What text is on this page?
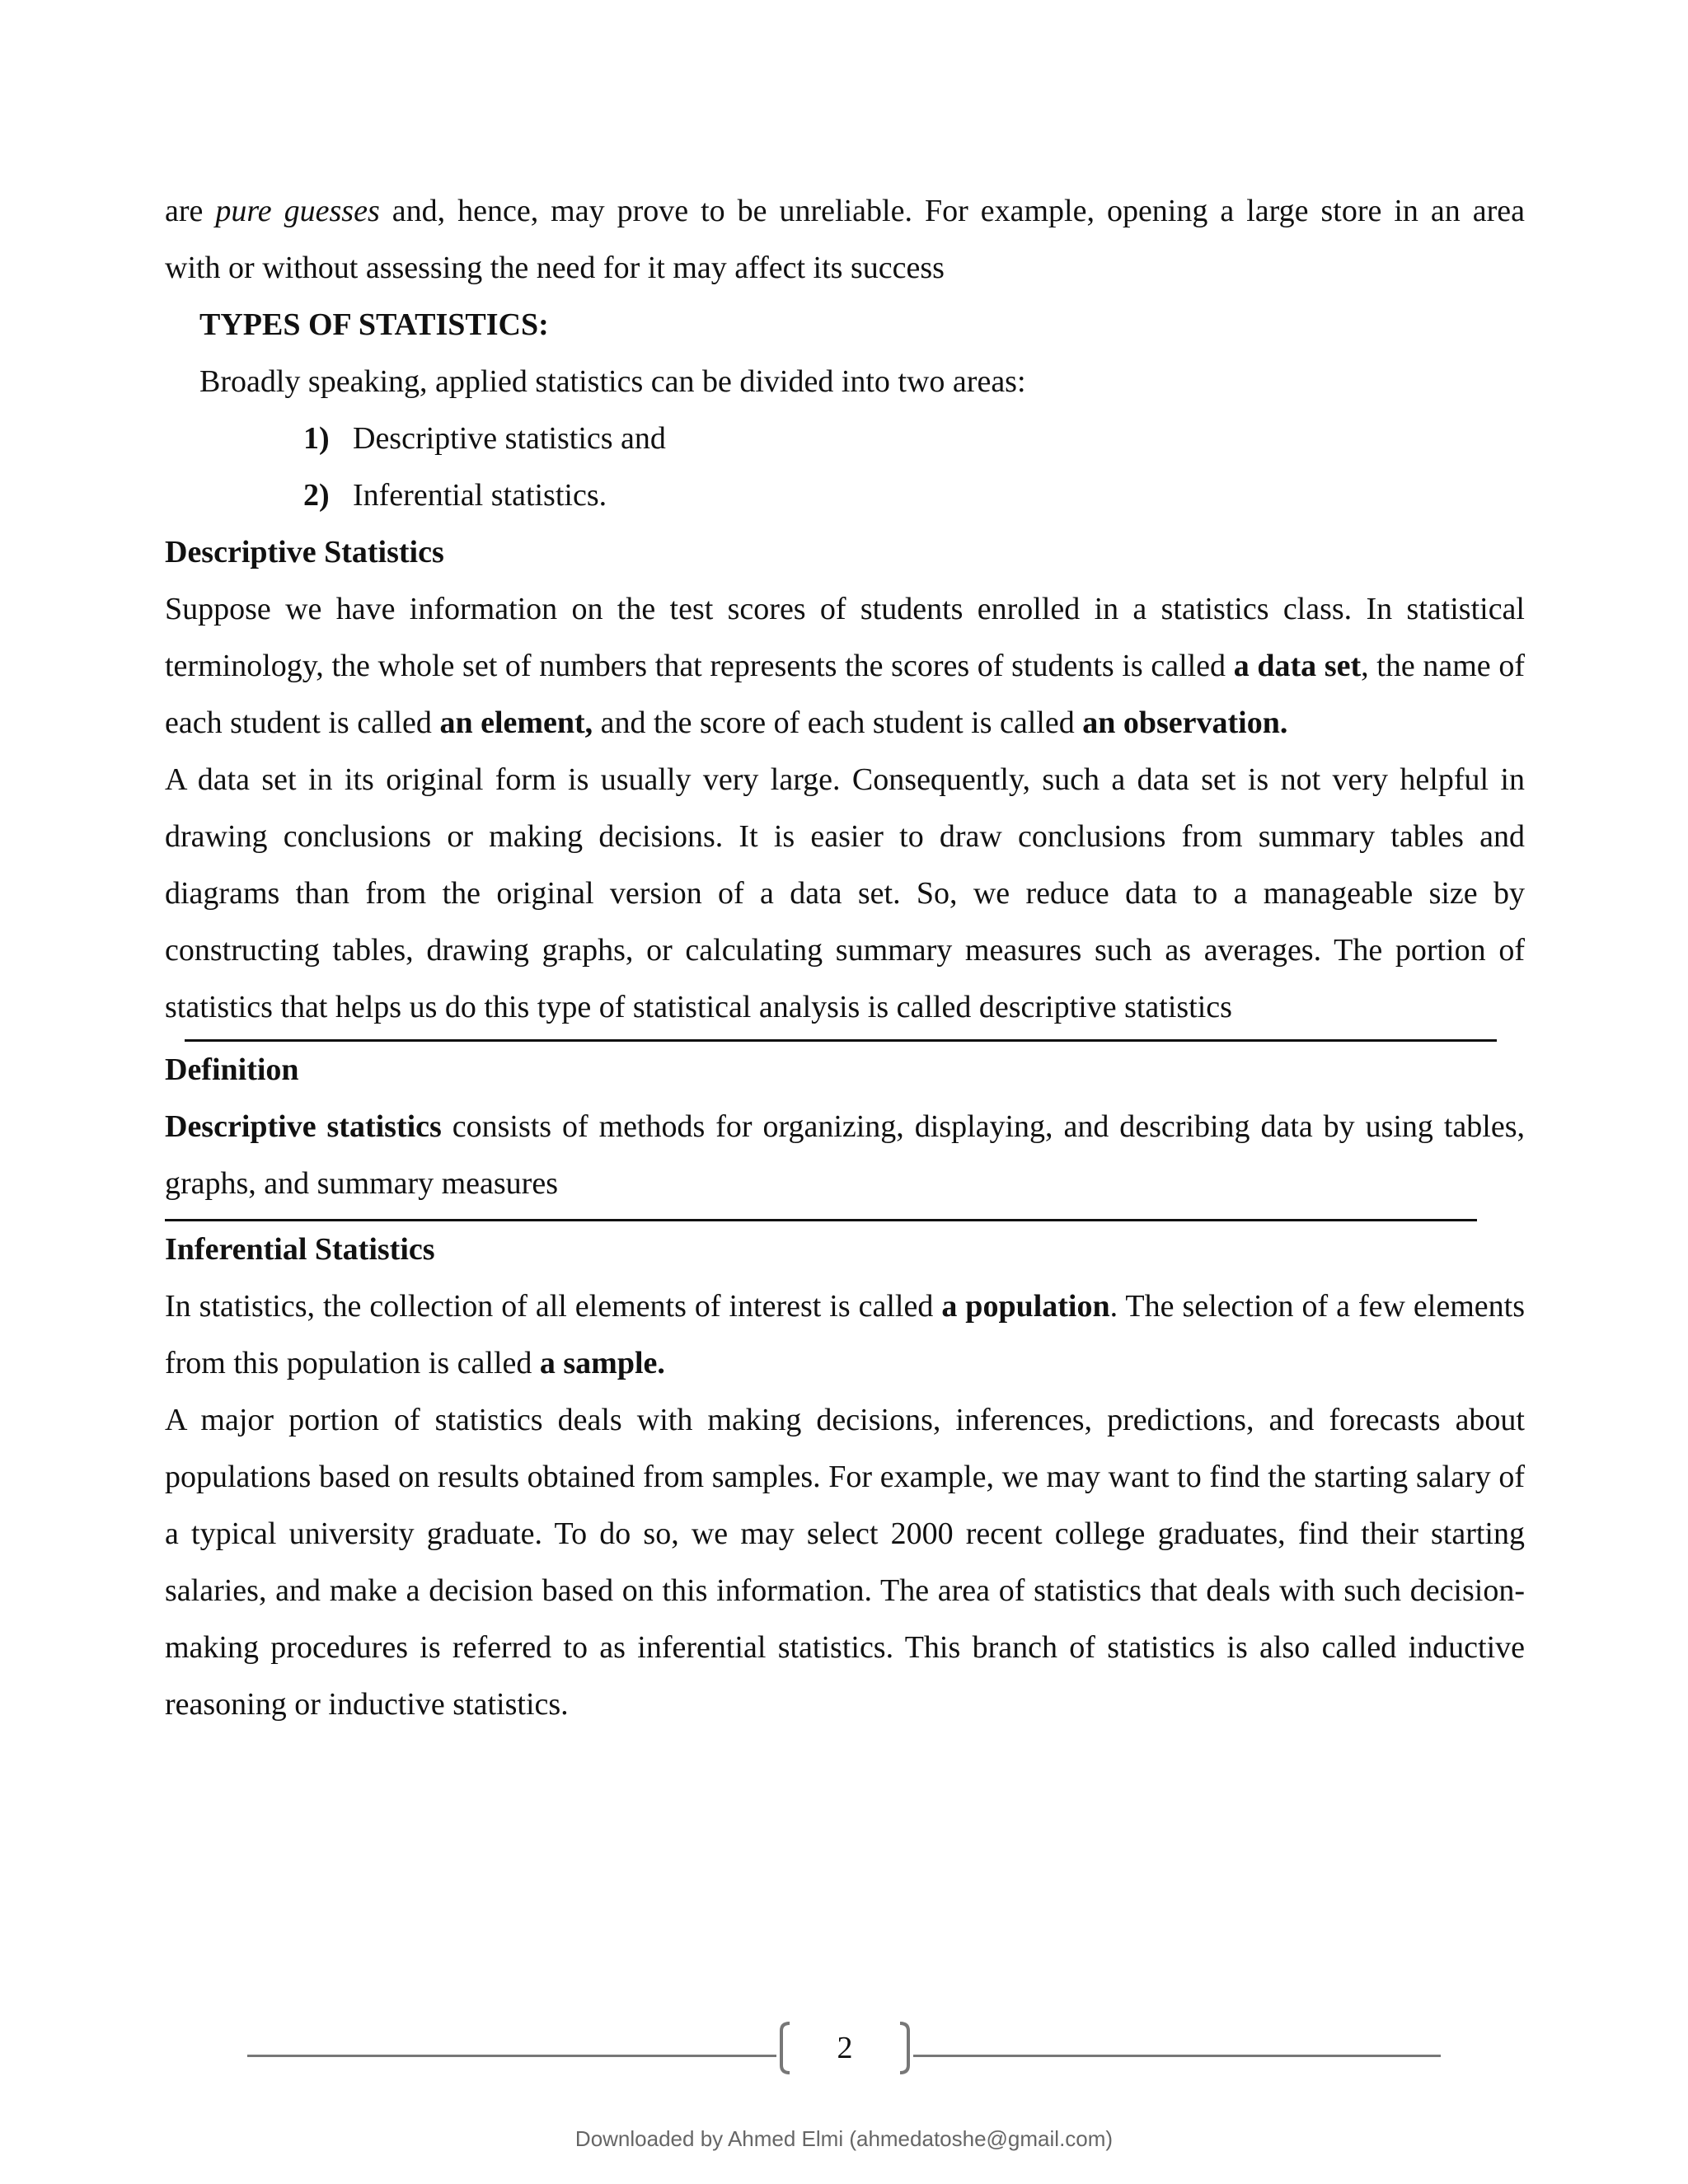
are pure guesses and, hence, may prove to be unreliable. For example, opening a large store in an area

with or without assessing the need for it may affect its success

TYPES OF STATISTICS:

Broadly speaking, applied statistics can be divided into two areas:

1) Descriptive statistics and

2) Inferential statistics.

Descriptive Statistics

Suppose we have information on the test scores of students enrolled in a statistics class. In statistical terminology, the whole set of numbers that represents the scores of students is called a data set, the name of each student is called an element, and the score of each student is called an observation.

A data set in its original form is usually very large. Consequently, such a data set is not very helpful in drawing conclusions or making decisions. It is easier to draw conclusions from summary tables and diagrams than from the original version of a data set. So, we reduce data to a manageable size by constructing tables, drawing graphs, or calculating summary measures such as averages. The portion of statistics that helps us do this type of statistical analysis is called descriptive statistics

Definition

Descriptive statistics consists of methods for organizing, displaying, and describing data by using tables, graphs, and summary measures

Inferential Statistics

In statistics, the collection of all elements of interest is called a population. The selection of a few elements from this population is called a sample.

A major portion of statistics deals with making decisions, inferences, predictions, and forecasts about populations based on results obtained from samples. For example, we may want to find the starting salary of a typical university graduate. To do so, we may select 2000 recent college graduates, find their starting salaries, and make a decision based on this information. The area of statistics that deals with such decision-making procedures is referred to as inferential statistics. This branch of statistics is also called inductive reasoning or inductive statistics.

2
Downloaded by Ahmed Elmi (ahmedatoshe@gmail.com)
